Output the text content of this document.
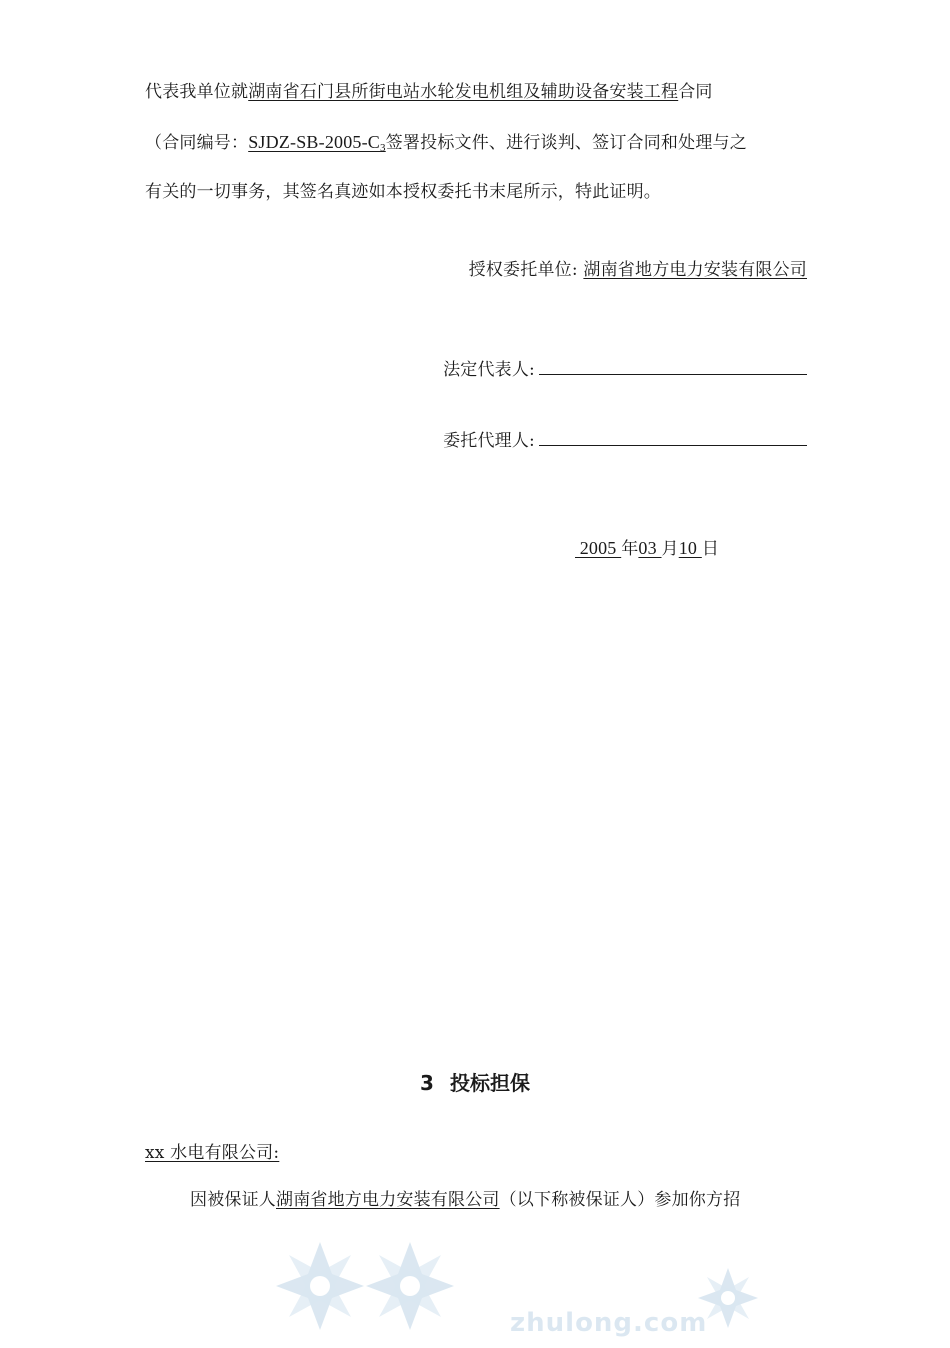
代表我单位就湖南省石门县所街电站水轮发电机组及辅助设备安装工程合同
（合同编号：SJDZ-$SB-2005-C_3$签署投标文件、进行谈判、签订合同和处理与之
有关的一切事务，其签名真迹如本授权委托书末尾所示，特此证明。
授权委托单位: 湖南省地方电力安装有限公司
法定代表人:
委托代理人:
2005 年03 月10 日
3 投标担保
xx 水电有限公司:
因被保证人湖南省地方电力安装有限公司（以下称被保证人）参加你方招
zhulong.com
